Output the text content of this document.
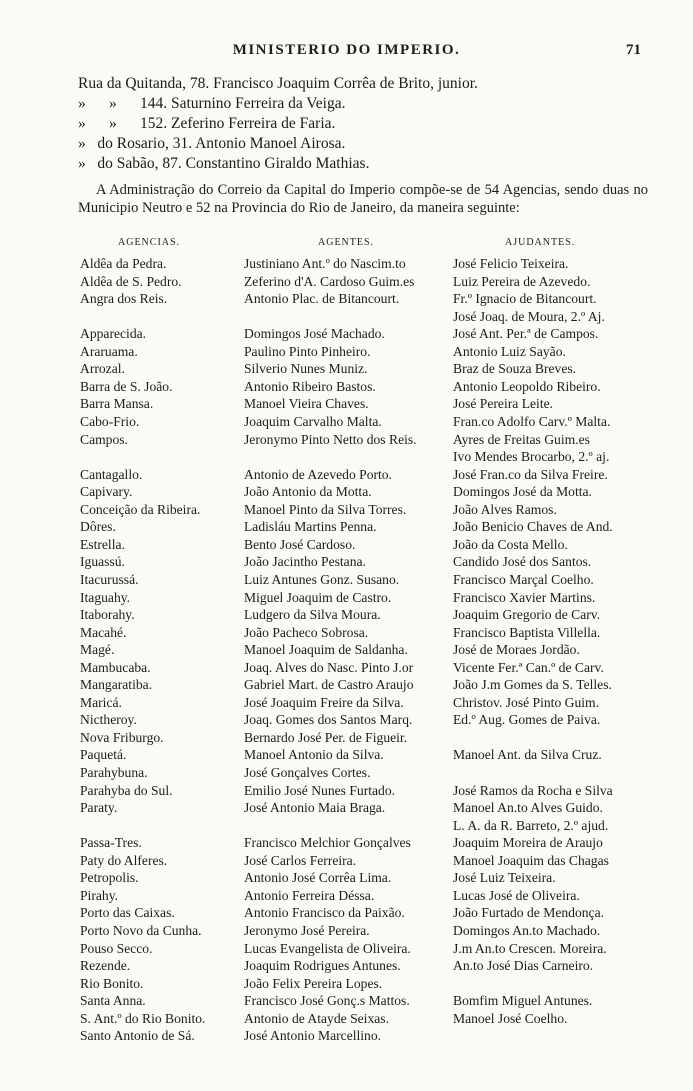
MINISTERIO DO IMPERIO.	71
Rua da Quitanda, 78. Francisco Joaquim Corrêa de Brito, junior.
»      »      144. Saturnino Ferreira da Veiga.
»      »      152. Zeferino Ferreira de Faria.
»   do Rosario, 31. Antonio Manoel Airosa.
»   do Sabão, 87. Constantino Giraldo Mathias.
A Administração do Correio da Capital do Imperio compõe-se de 54 Agencias, sendo duas no Municipio Neutro e 52 na Provincia do Rio de Janeiro, da maneira seguinte:
AGENCIAS.	AGENTES.	AJUDANTES.
Aldêa da Pedra.	Justiniano Ant.º do Nascim.to	José Felicio Teixeira.
Aldêa de S. Pedro.	Zeferino d'A. Cardoso Guim.es	Luiz Pereira de Azevedo.
Angra dos Reis.	Antonio Plac. de Bitancourt.	Fr.º Ignacio de Bitancourt.
José Joaq. de Moura, 2.º Aj.
Apparecida.	Domingos José Machado.	José Ant. Per.ª de Campos.
Araruama.	Paulino Pinto Pinheiro.	Antonio Luiz Sayão.
Arrozal.	Silverio Nunes Muniz.	Braz de Souza Breves.
Barra de S. João.	Antonio Ribeiro Bastos.	Antonio Leopoldo Ribeiro.
Barra Mansa.	Manoel Vieira Chaves.	José Pereira Leite.
Cabo-Frio.	Joaquim Carvalho Malta.	Fran.co Adolfo Carv.º Malta.
Campos.	Jeronymo Pinto Netto dos Reis.	Ayres de Freitas Guim.es
Ivo Mendes Brocarbo, 2.º aj.
Cantagallo.	Antonio de Azevedo Porto.	José Fran.co da Silva Freire.
Capivary.	João Antonio da Motta.	Domingos José da Motta.
Conceição da Ribeira.	Manoel Pinto da Silva Torres.	João Alves Ramos.
Dôres.	Ladisláu Martins Penna.	João Benicio Chaves de And.
Estrella.	Bento José Cardoso.	João da Costa Mello.
Iguassú.	João Jacintho Pestana.	Candido José dos Santos.
Itacurussá.	Luiz Antunes Gonz. Susano.	Francisco Marçal Coelho.
Itaguahy.	Miguel Joaquim de Castro.	Francisco Xavier Martins.
Itaborahy.	Ludgero da Silva Moura.	Joaquim Gregorio de Carv.
Macahé.	João Pacheco Sobrosa.	Francisco Baptista Villella.
Magé.	Manoel Joaquim de Saldanha.	José de Moraes Jordão.
Mambucaba.	Joaq. Alves do Nasc. Pinto J.or	Vicente Fer.ª Can.º de Carv.
Mangaratiba.	Gabriel Mart. de Castro Araujo	João J.m Gomes da S. Telles.
Maricá.	José Joaquim Freire da Silva.	Christov. José Pinto Guim.
Nictheroy.	Joaq. Gomes dos Santos Marq.	Ed.º Aug. Gomes de Paiva.
Nova Friburgo.	Bernardo José Per. de Figueir.
Paquetá.	Manoel Antonio da Silva.	Manoel Ant. da Silva Cruz.
Parahybuna.	José Gonçalves Cortes.
Parahyba do Sul.	Emilio José Nunes Furtado.	José Ramos da Rocha e Silva
Paraty.	José Antonio Maia Braga.	Manoel An.to Alves Guido.
L. A. da R. Barreto, 2.º ajud.
Passa-Tres.	Francisco Melchior Gonçalves	Joaquim Moreira de Araujo
Paty do Alferes.	José Carlos Ferreira.	Manoel Joaquim das Chagas
Petropolis.	Antonio José Corrêa Lima.	José Luiz Teixeira.
Pirahy.	Antonio Ferreira Déssa.	Lucas José de Oliveira.
Porto das Caixas.	Antonio Francisco da Paixão.	João Furtado de Mendonça.
Porto Novo da Cunha.	Jeronymo José Pereira.	Domingos An.to Machado.
Pouso Secco.	Lucas Evangelista de Oliveira.	J.m An.to Crescen. Moreira.
Rezende.	Joaquim Rodrigues Antunes.	An.to José Dias Carneiro.
Rio Bonito.	João Felix Pereira Lopes.
Santa Anna.	Francisco José Gonç.s Mattos.	Bomfim Miguel Antunes.
S. Ant.º do Rio Bonito.	Antonio de Atayde Seixas.	Manoel José Coelho.
Santo Antonio de Sá.	José Antonio Marcellino.
